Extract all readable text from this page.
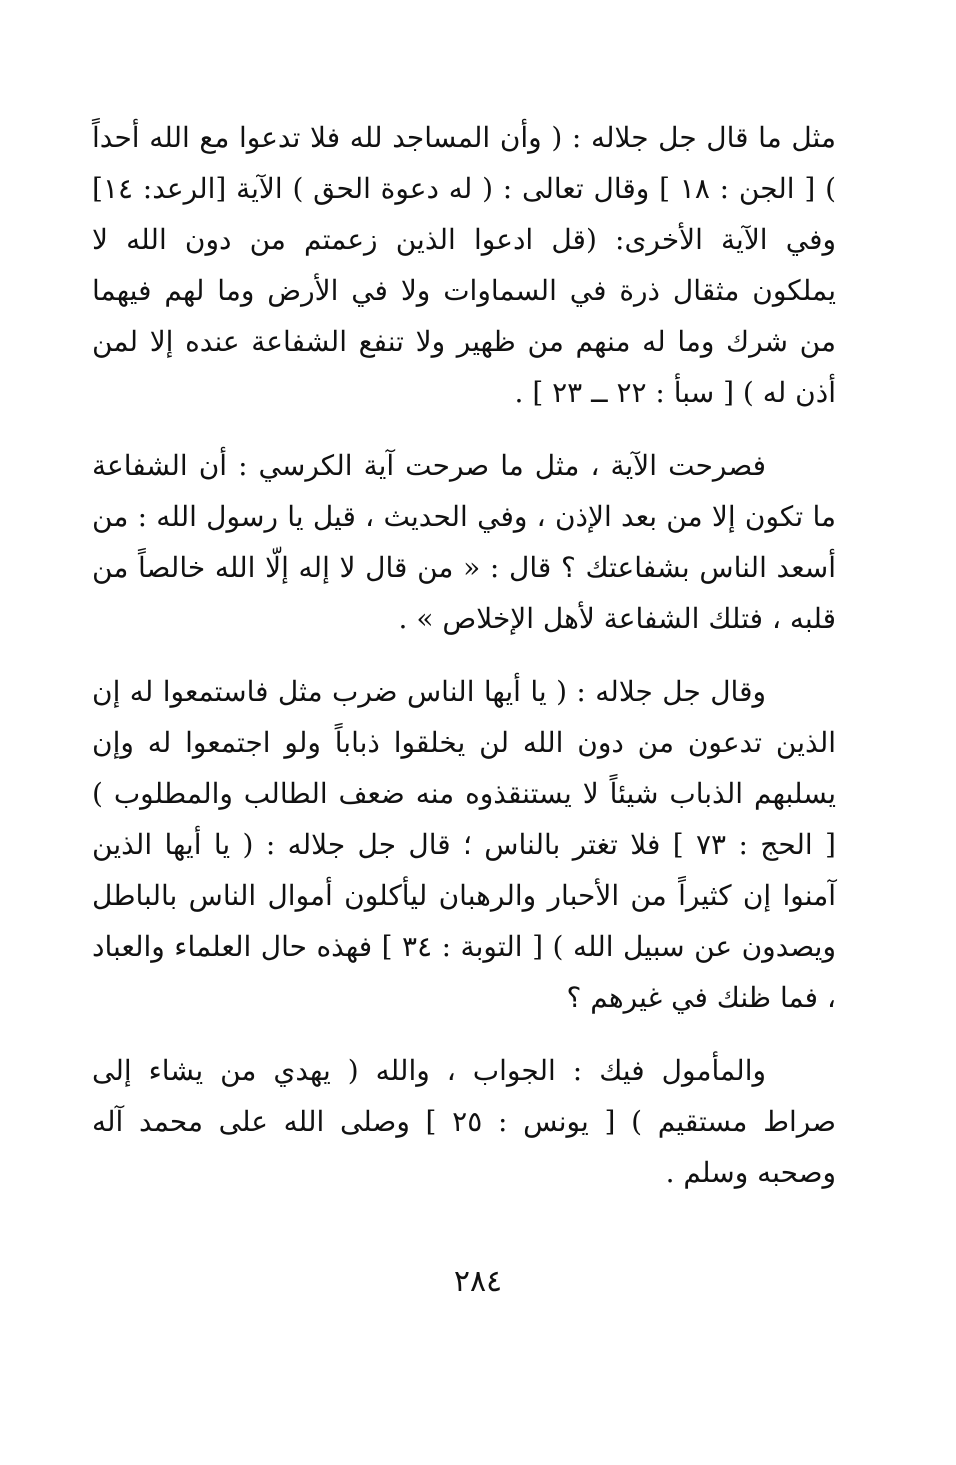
مثل ما قال جل جلاله : ( وأن المساجد لله فلا تدعوا مع الله أحداً ) [ الجن : ١٨ ] وقال تعالى : ( له دعوة الحق ) الآية [الرعد: ١٤] وفي الآية الأخرى: (قل ادعوا الذين زعمتم من دون الله لا يملكون مثقال ذرة في السماوات ولا في الأرض وما لهم فيهما من شرك وما له منهم من ظهير ولا تنفع الشفاعة عنده إلا لمن أذن له ) [ سبأ : ٢٢ ــ ٢٣ ] .

فصرحت الآية ، مثل ما صرحت آية الكرسي : أن الشفاعة ما تكون إلا من بعد الإذن ، وفي الحديث ، قيل يا رسول الله : من أسعد الناس بشفاعتك ؟ قال : « من قال لا إله إلّا الله خالصاً من قلبه ، فتلك الشفاعة لأهل الإخلاص » .

وقال جل جلاله : ( يا أيها الناس ضرب مثل فاستمعوا له إن الذين تدعون من دون الله لن يخلقوا ذباباً ولو اجتمعوا له وإن يسلبهم الذباب شيئاً لا يستنقذوه منه ضعف الطالب والمطلوب ) [ الحج : ٧٣ ] فلا تغتر بالناس ؛ قال جل جلاله : ( يا أيها الذين آمنوا إن كثيراً من الأحبار والرهبان ليأكلون أموال الناس بالباطل ويصدون عن سبيل الله ) [ التوبة : ٣٤ ] فهذه حال العلماء والعباد ، فما ظنك في غيرهم ؟

والمأمول فيك : الجواب ، والله ( يهدي من يشاء إلى صراط مستقيم ) [ يونس : ٢٥ ] وصلى الله على محمد آله وصحبه وسلم .

٢٨٤
